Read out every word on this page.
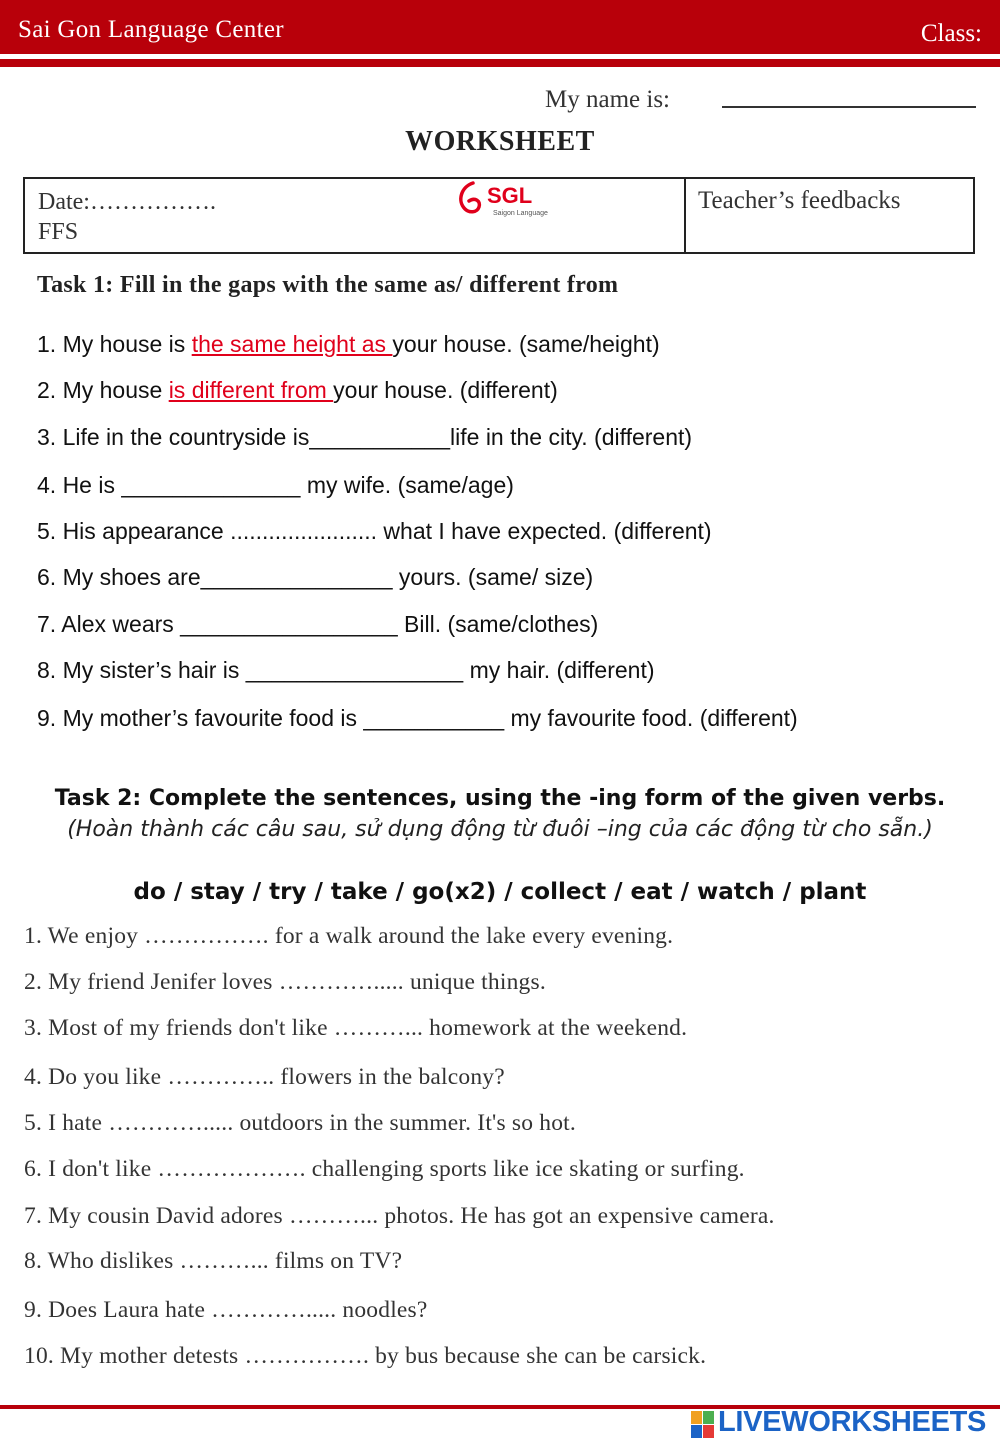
Sai Gon Language Center	Class:
My name is:
WORKSHEET
Date:…………….
FFS
SGL
Saigon Language	Teacher’s feedbacks
Task 1: Fill in the gaps with the same as/ different from
1. My house is the same height as your house. (same/height)
2. My house is different from your house. (different)
3. Life in the countryside is___________life in the city. (different)
4. He is ______________ my wife. (same/age)
5. His appearance ....................... what I have expected. (different)
6. My shoes are_______________ yours. (same/ size)
7. Alex wears _________________ Bill. (same/clothes)
8. My sister’s hair is _________________ my hair. (different)
9. My mother’s favourite food is ___________ my favourite food. (different)
Task 2: Complete the sentences, using the -ing form of the given verbs.
(Hoàn thành các câu sau, sử dụng động từ đuôi –ing của các động từ cho sẵn.)
do / stay / try / take / go(x2) / collect / eat / watch / plant
1. We enjoy ……………. for a walk around the lake every evening.
2. My friend Jenifer loves …………..... unique things.
3. Most of my friends don't like ………... homework at the weekend.
4. Do you like ………….. flowers in the balcony?
5. I hate …………..... outdoors in the summer. It's so hot.
6. I don't like ………………. challenging sports like ice skating or surfing.
7. My cousin David adores ………... photos. He has got an expensive camera.
8. Who dislikes ………... films on TV?
9. Does Laura hate …………..... noodles?
10. My mother detests ……………. by bus because she can be carsick.
LIVEWORKSHEETS
